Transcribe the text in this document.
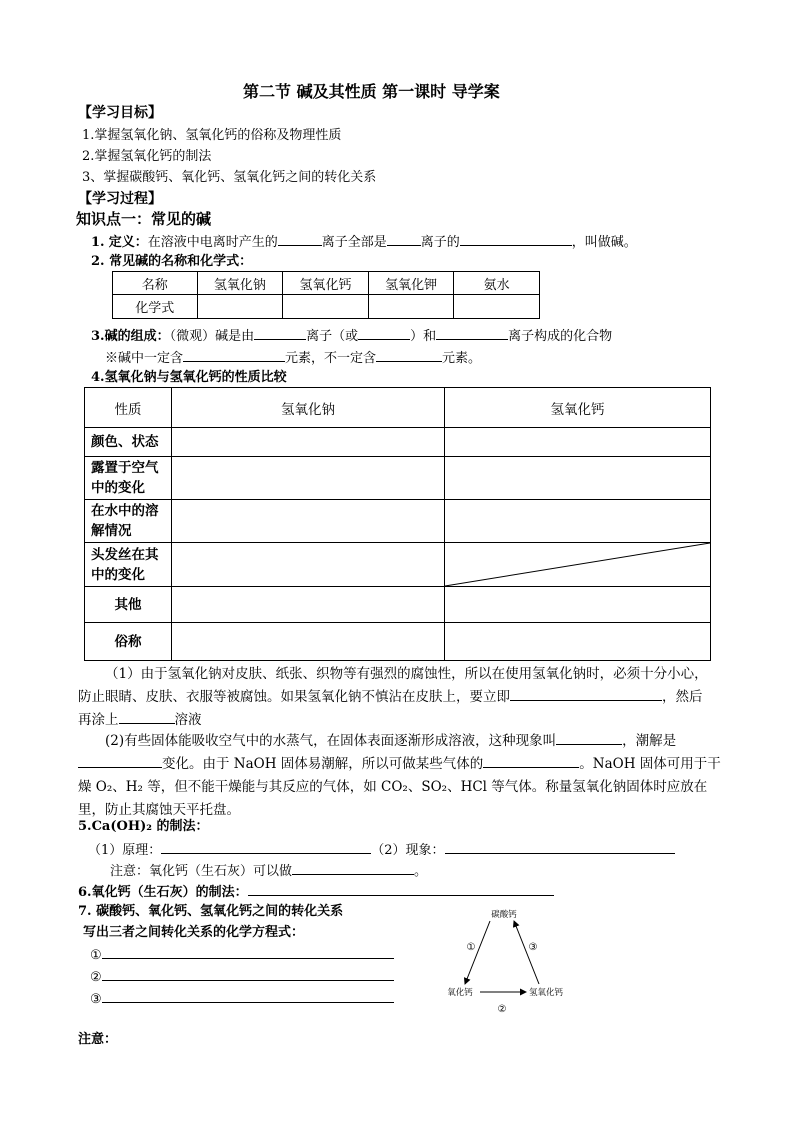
第二节 碱及其性质 第一课时 导学案
【学习目标】
1.掌握氢氧化钠、氢氧化钙的俗称及物理性质
2.掌握氢氧化钙的制法
3、掌握碳酸钙、氧化钙、氢氧化钙之间的转化关系
【学习过程】
知识点一：常见的碱
1. 定义：在溶液中电离时产生的	离子全部是	离子的	，叫做碱。
2. 常见碱的名称和化学式：
名称	氢氧化钠	氢氧化钙	氢氧化钾	氨水
化学式				
3.碱的组成：（微观）碱是由	离子（或	）和	离子构成的化合物
※碱中一定含	元素，不一定含	元素。
4.氢氧化钠与氢氧化钙的性质比较
性质	氢氧化钠	氢氧化钙
颜色、状态		
露置于空气
中的变化		
在水中的溶
解情况		
头发丝在其
中的变化		

其他		
俗称		
（1）由于氢氧化钠对皮肤、纸张、织物等有强烈的腐蚀性，所以在使用氢氧化钠时，必须十分小心，
防止眼睛、皮肤、衣服等被腐蚀。如果氢氧化钠不慎沾在皮肤上，要立即	，然后
再涂上	溶液
(2)有些固体能吸收空气中的水蒸气，在固体表面逐渐形成溶液，这种现象叫	，潮解是
变化。由于 NaOH 固体易潮解，所以可做某些气体的	。NaOH 固体可用于干
燥 O₂、H₂ 等，但不能干燥能与其反应的气体，如 CO₂、SO₂、HCl 等气体。称量氢氧化钠固体时应放在
里，防止其腐蚀天平托盘。
5.Ca(OH)₂ 的制法：
（1）原理：	（2）现象：
注意：氧化钙（生石灰）可以做	。
6.氧化钙（生石灰）的制法：
7. 碳酸钙、氧化钙、氢氧化钙之间的转化关系
写出三者之间转化关系的化学方程式：
①
②
③
碳酸钙
氧化钙	氢氧化钙
①	③
②
注意：
